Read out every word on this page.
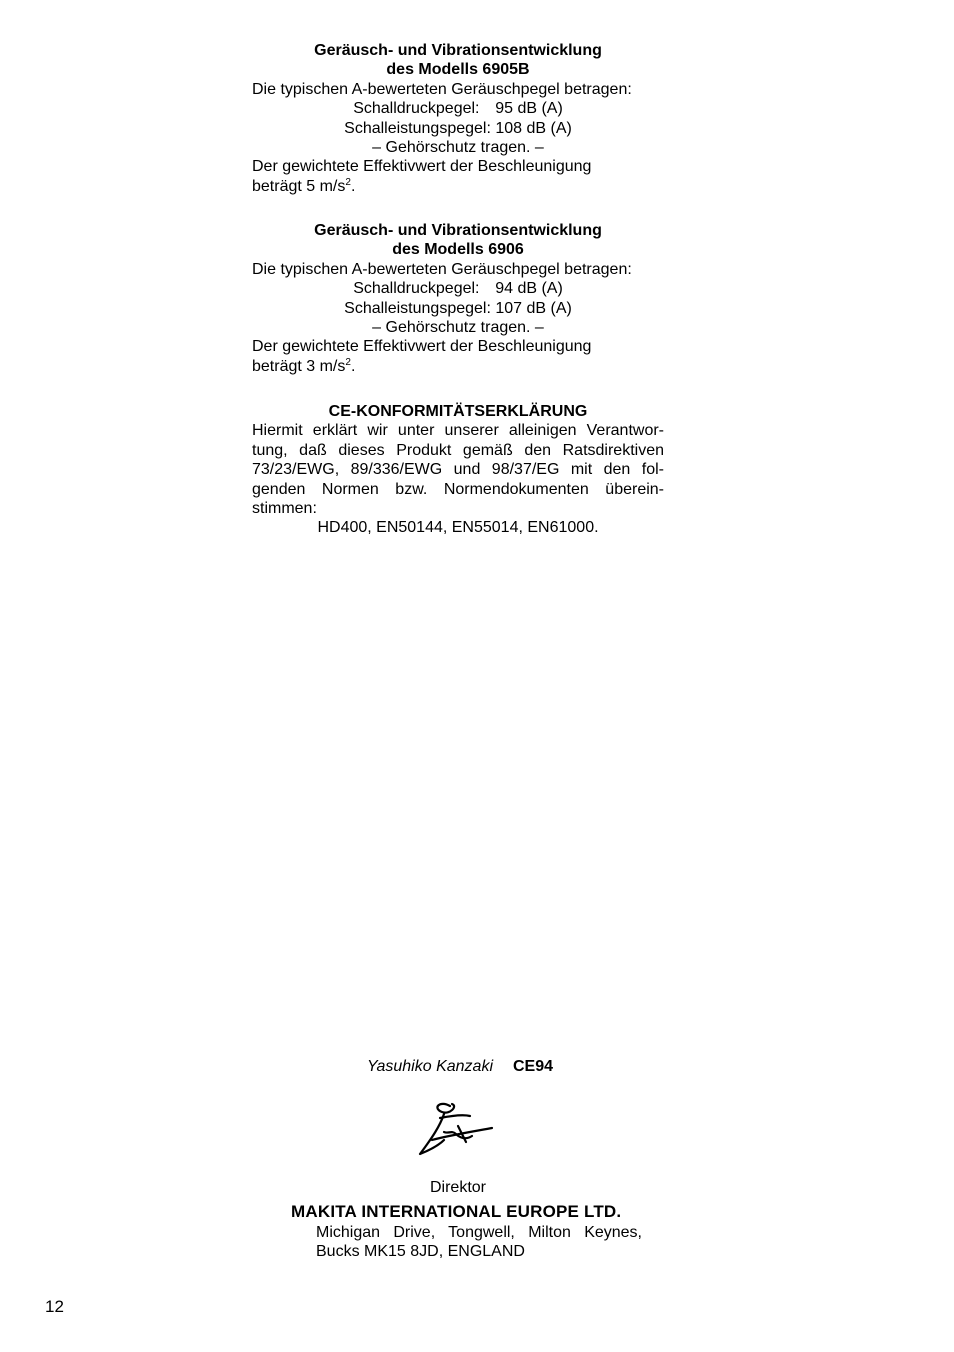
Geräusch- und Vibrationsentwicklung
des Modells 6905B
Die typischen A-bewerteten Geräuschpegel betragen:
Schalldruckpegel: 95 dB (A)
Schalleistungspegel: 108 dB (A)
– Gehörschutz tragen. –
Der gewichtete Effektivwert der Beschleunigung
beträgt 5 $m/s^2$.
Geräusch- und Vibrationsentwicklung
des Modells 6906
Die typischen A-bewerteten Geräuschpegel betragen:
Schalldruckpegel: 94 dB (A)
Schalleistungspegel: 107 dB (A)
– Gehörschutz tragen. –
Der gewichtete Effektivwert der Beschleunigung
beträgt 3 $m/s^2$.
CE-KONFORMITÄTSERKLÄRUNG
Hiermit erklärt wir unter unserer alleinigen Verantwor-
tung, daß dieses Produkt gemäß den Ratsdirektiven
73/23/EWG, 89/336/EWG und 98/37/EG mit den fol-
genden Normen bzw. Normendokumenten überein-
stimmen:
HD400, EN50144, EN55014, EN61000.
Yasuhiko Kanzaki CE94
Direktor
MAKITA INTERNATIONAL EUROPE LTD.
Michigan Drive, Tongwell, Milton Keynes,
Bucks MK15 8JD, ENGLAND
12
